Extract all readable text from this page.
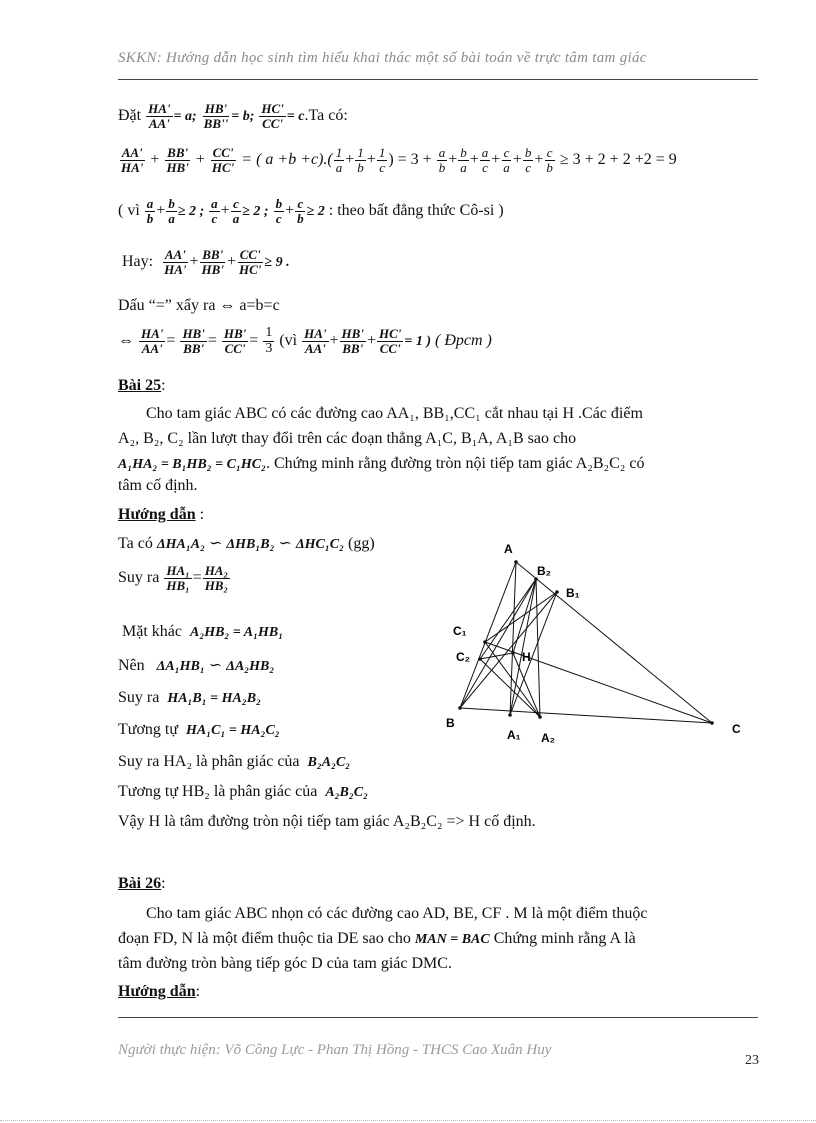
SKKN: Hướng dẫn học sinh tìm hiểu khai thác một số bài toán về trực tâm tam giác
Đặt $\frac{HA'}{AA'} = a$; $\frac{HB'}{BB''} = b$; $\frac{HC'}{CC'} = c.Ta$ có:
$\frac{AA'}{HA'} + \frac{BB'}{HB'} + \frac{CC'}{HC'}$ = ( $a +b +c).( \frac{1}{a} + \frac{1}{b} + \frac{1}{c}$ ) = $3 + \frac{a}{b} + \frac{b}{a} + \frac{a}{c} + \frac{c}{a} + \frac{b}{c} + \frac{c}{b} \ge 3 + 2 + 2 +2 = 9$
( vì $\frac{a}{b} + \frac{b}{a} \ge 2$ ; $\frac{a}{c} + \frac{c}{a} \ge 2$ ; $\frac{b}{c} + \frac{c}{b} \ge 2$ : theo bất đẳng thức Cô-si )
Hay: $\frac{AA'}{HA'} + \frac{BB'}{HB'} + \frac{CC'}{HC'} \ge 9$ .
Dấu “=” xẩy ra ⇔ a=b=c
⇔ $\frac{HA'}{AA'} = \frac{HB'}{BB'} = \frac{HB'}{CC'} = \frac{1}{3}$ (vì $\frac{HA'}{AA'} + \frac{HB'}{BB'} + \frac{HC'}{CC'} = 1$ ) ( Đpcm )
Bài 25:
Cho tam giác ABC có các đường cao AA₁, BB₁,CC₁ cắt nhau tại H .Các điểm
A₂, B₂, C₂ lần lượt thay đổi trên các đoạn thẳng A₁C, B₁A, A₁B sao cho
A₁HA₂ = B₁HB₂ = C₁HC₂. Chứng minh rằng đường tròn nội tiếp tam giác A₂B₂C₂ có
tâm cố định.
Hướng dẫn :
Ta có ΔHA₁A₂ ∽ ΔHB₁B₂ ∽ ΔHC₁C₂ (gg)
Suy ra $\frac{\text{HA₁}}{\text{HB₁}} = \frac{\text{HA₂}}{\text{HB₂}}$
Mặt khác A₂HB₂ = A₁HB₁
Nên ΔA₁HB₁ ∽ ΔA₂HB₂
Suy ra HA₁B₁ = HA₂B₂
Tương tự HA₁C₁ = HA₂C₂
Suy ra HA₂ là phân giác của B₂A₂C₂
Tương tự HB₂ là phân giác của A₂B₂C₂
Vậy H là tâm đường tròn nội tiếp tam giác A₂B₂C₂ => H cố định.
Bài 26:
Cho tam giác ABC nhọn có các đường cao AD, BE, CF . M là một điểm thuộc
đoạn FD, N là một điểm thuộc tia DE sao cho MAN = BAC Chứng minh rằng A là
tâm đường tròn bàng tiếp góc D của tam giác DMC.
Hướng dẫn:
A
B	C
A₁ A₂
B₁
B₂
C₁
C₂	H
Người thực hiện: Võ Công Lực - Phan Thị Hồng - THCS Cao Xuân Huy
23
